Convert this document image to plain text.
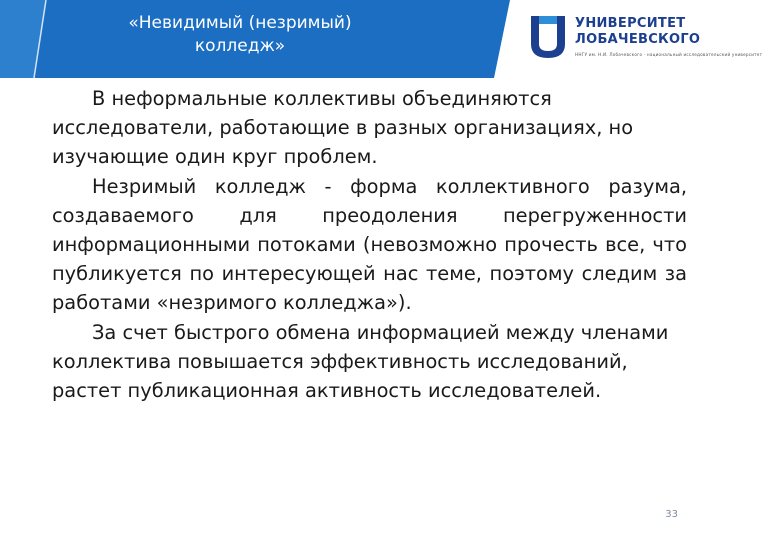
«Невидимый (незримый)
колледж»
УНИВЕРСИТЕТ
ЛОБАЧЕВСКОГО
ННГУ им. Н.И. Лобачевского · национальный исследовательский университет

В неформальные коллективы объединяются исследователи, работающие в разных организациях, но изучающие один круг проблем.

Незримый колледж - форма коллективного разума, создаваемого для преодоления перегруженности информационными потоками (невозможно прочесть все, что публикуется по интересующей нас теме, поэтому следим за работами «незримого колледжа»).

За счет быстрого обмена информацией между членами коллектива повышается эффективность исследований, растет публикационная активность исследователей.

33
